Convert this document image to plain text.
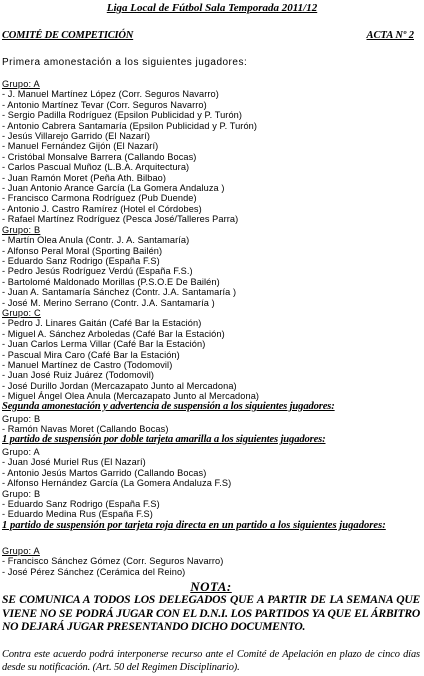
Liga Local de Fútbol Sala Temporada 2011/12
COMITÉ DE COMPETICIÓN	ACTA Nº 2
Primera amonestación a los siguientes jugadores:
Grupo: A
- J. Manuel Martínez López (Corr. Seguros Navarro)
- Antonio Martínez Tevar (Corr. Seguros Navarro)
- Sergio Padilla Rodríguez (Epsilon Publicidad y P. Turón)
- Antonio Cabrera Santamaría (Epsilon Publicidad y P. Turón)
- Jesús Villarejo Garrido (El Nazarí)
- Manuel Fernández Gijón (El Nazarí)
- Cristóbal Monsalve Barrera (Callando Bocas)
- Carlos Pascual Muñoz (L.B.A. Arquitectura)
- Juan Ramón Moret (Peña Ath. Bilbao)
- Juan Antonio Arance García (La Gomera Andaluza )
- Francisco Carmona Rodríguez (Pub Duende)
- Antonio J. Castro Ramírez (Hotel el Córdobes)
- Rafael Martínez Rodríguez (Pesca José/Talleres Parra)
Grupo: B
- Martín Olea Anula (Contr. J. A. Santamaría)
- Alfonso Peral Moral (Sporting Bailén)
- Eduardo Sanz Rodrigo (España F.S)
- Pedro Jesús Rodríguez Verdú (España F.S.)
- Bartolomé Maldonado Morillas (P.S.O.E De Bailén)
- Juan A. Santamaría Sánchez (Contr. J.A. Santamaría )
- José M. Merino Serrano (Contr. J.A. Santamaría )
Grupo: C
- Pedro J. Linares Gaitán (Café Bar la Estación)
- Miguel A. Sánchez Arboledas (Café Bar la Estación)
- Juan Carlos Lerma Villar (Café Bar la Estación)
- Pascual Mira Caro (Café Bar la Estación)
- Manuel Martínez de Castro (Todomovil)
- Juan José Ruiz Juárez (Todomovil)
- José Durillo Jordan (Mercazapato Junto al Mercadona)
- Miguel Ángel Olea Anula (Mercazapato Junto al Mercadona)
Segunda amonestación y advertencia de suspensión a los siguientes jugadores:
Grupo: B
- Ramón Navas Moret (Callando Bocas)
1 partido de suspensión por doble tarjeta amarilla a los siguientes jugadores:
Grupo: A
- Juan José Muriel Rus (El Nazarí)
- Antonio Jesús Martos Garrido (Callando Bocas)
- Alfonso Hernández García (La Gomera Andaluza F.S)
Grupo: B
- Eduardo Sanz Rodrigo (España F.S)
- Eduardo Medina Rus (España F.S)
1 partido de suspensión por tarjeta roja directa en un partido a los siguientes jugadores:
Grupo: A
- Francisco Sánchez Gómez (Corr. Seguros Navarro)
- José Pérez Sánchez (Cerámica del Reino)
NOTA:
SE COMUNICA A TODOS LOS DELEGADOS QUE A PARTIR DE LA SEMANA QUE VIENE NO SE PODRÁ JUGAR CON EL D.N.I. LOS PARTIDOS YA QUE EL ÁRBITRO NO DEJARÁ JUGAR PRESENTANDO DICHO DOCUMENTO.
Contra este acuerdo podrá interponerse recurso ante el Comité de Apelación en plazo de cinco días desde su notificación. (Art. 50 del Regimen Disciplinario).
